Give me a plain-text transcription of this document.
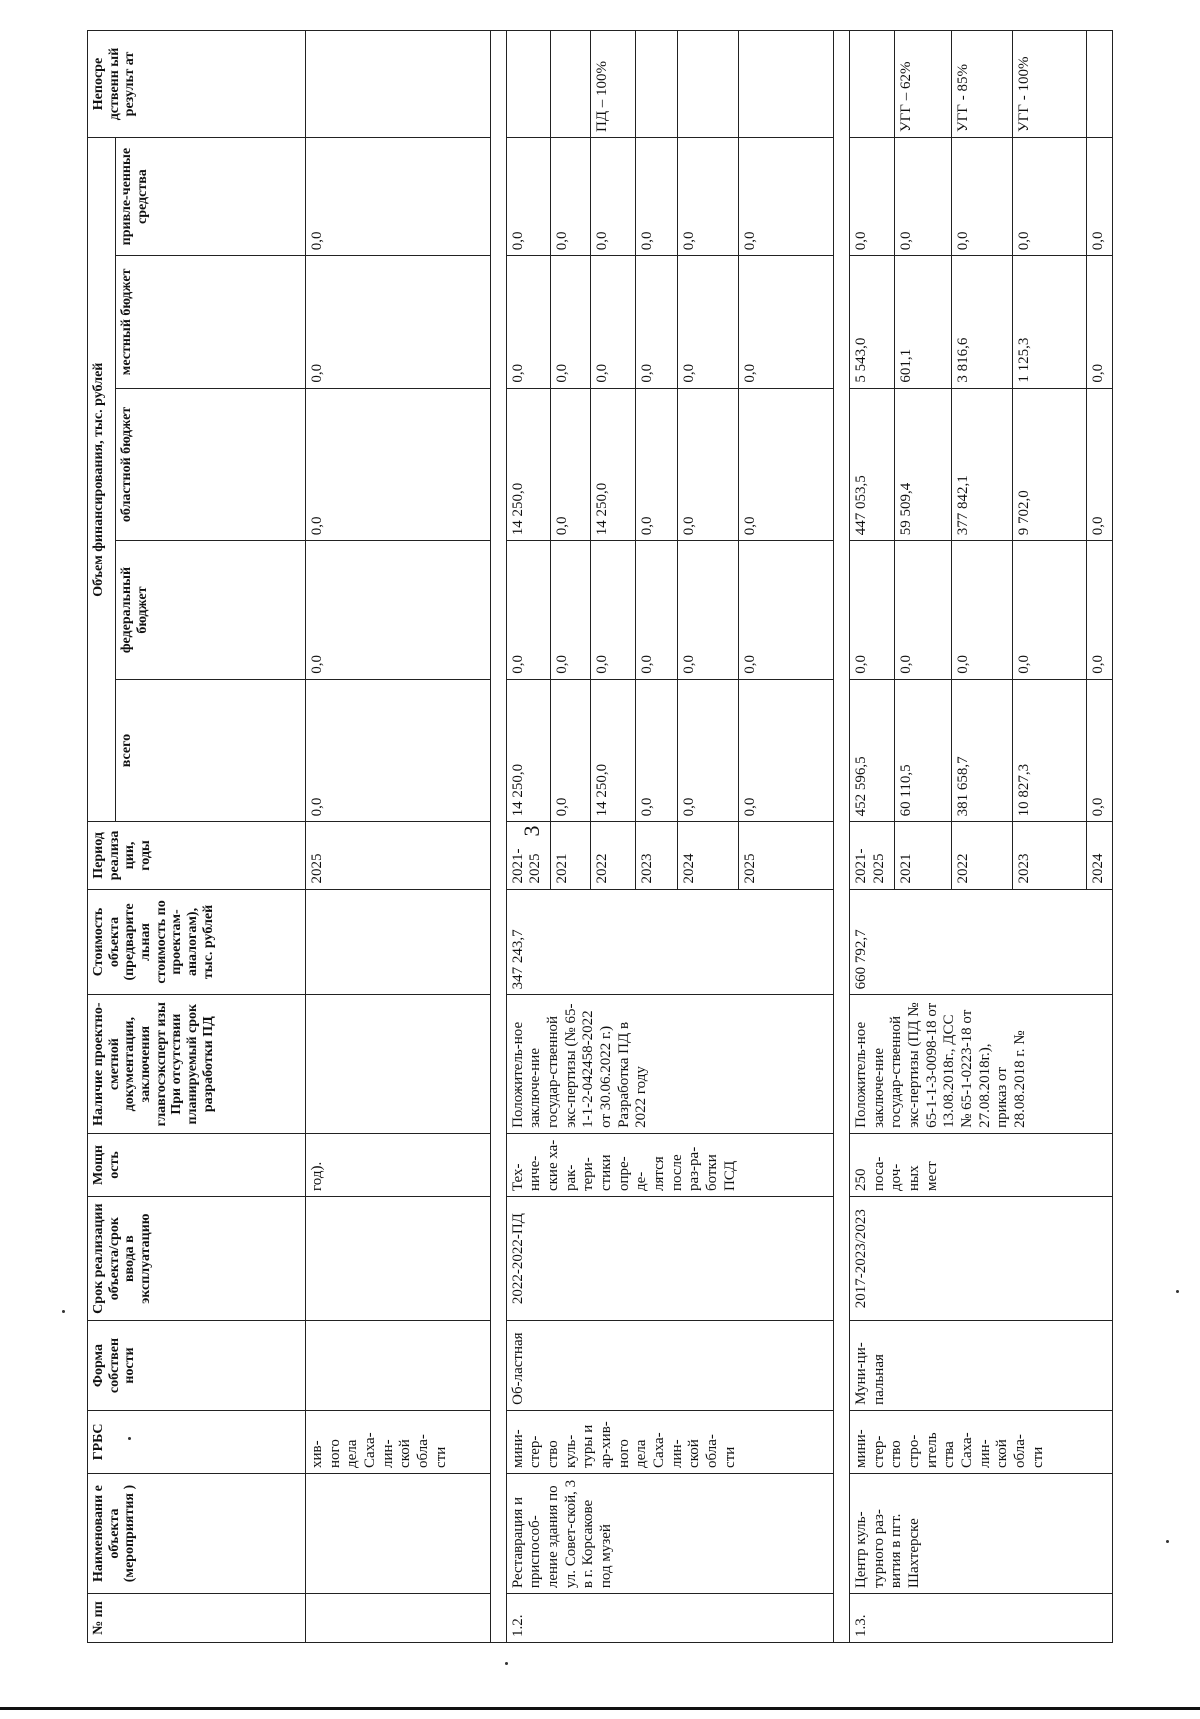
3
№ пп	Наименовани е объекта (мероприятия )	ГРБС	Форма собствен ности	Срок реализации объекта/срок ввода в эксплуатацию	Мощн ость	Наличие проектно-сметной документации, заключения главгосэксперт изы При отсутствии планируемый срок разработки ПД	Стоимость объекта (предварите льная стоимость по проектам-аналогам), тыс. рублей	Период реализа ции, годы	Объем финансирования, тыс. рублей					Непосре дственн ый результ ат
									всего	федеральный бюджет	областной бюджет	местный бюджет	привле-ченные средства	
		хив-ного дела Саха-лин-ской обла-сти			год).			2025	0,0	0,0	0,0	0,0	0,0	

1.2.	Реставрация и приспособ-ление здания по ул. Совет-ской, 3 в г. Корсакове под музей	мини-стер-ство куль-туры и ар-хив-ного дела Саха-лин-ской обла-сти	Об-ластная	2022-2022-ПД	Тех-ниче-ские ха-рак-тери-стики опре-де-лятся после раз-ра-ботки ПСД	Положитель-ное заключе-ние государ-ственной экс-пертизы (№ 65-1-1-2-042458-2022 от 30.06.2022 г.) Разработка ПД в 2022 году	347 243,7	2021-2025	14 250,0	0,0	14 250,0	0,0	0,0	
								2021	0,0	0,0	0,0	0,0	0,0	
								2022	14 250,0	0,0	14 250,0	0,0	0,0	ПД – 100%
								2023	0,0	0,0	0,0	0,0	0,0	
								2024	0,0	0,0	0,0	0,0	0,0	
								2025	0,0	0,0	0,0	0,0	0,0	

1.3.	Центр куль-турного раз-вития в пгт. Шахтерске	мини-стер-ство стро-итель ства Саха-лин-ской обла-сти	Муни-ци-пальная	2017-2023/2023	250 поса-доч-ных мест	Положитель-ное заключе-ние государ-ственной экс-пертизы (ПД № 65-1-1-3-0098-18 от 13.08.2018г., ДСС № 65-1-0223-18 от 27.08.2018г.), приказ от 28.08.2018 г. №	660 792,7	2021-2025	452 596,5	0,0	447 053,5	5 543,0	0,0	
								2021	60 110,5	0,0	59 509,4	601,1	0,0	УГГ – 62%
								2022	381 658,7	0,0	377 842,1	3 816,6	0,0	УГГ - 85%
								2023	10 827,3	0,0	9 702,0	1 125,3	0,0	УГГ - 100%
								2024	0,0	0,0	0,0	0,0	0,0	
